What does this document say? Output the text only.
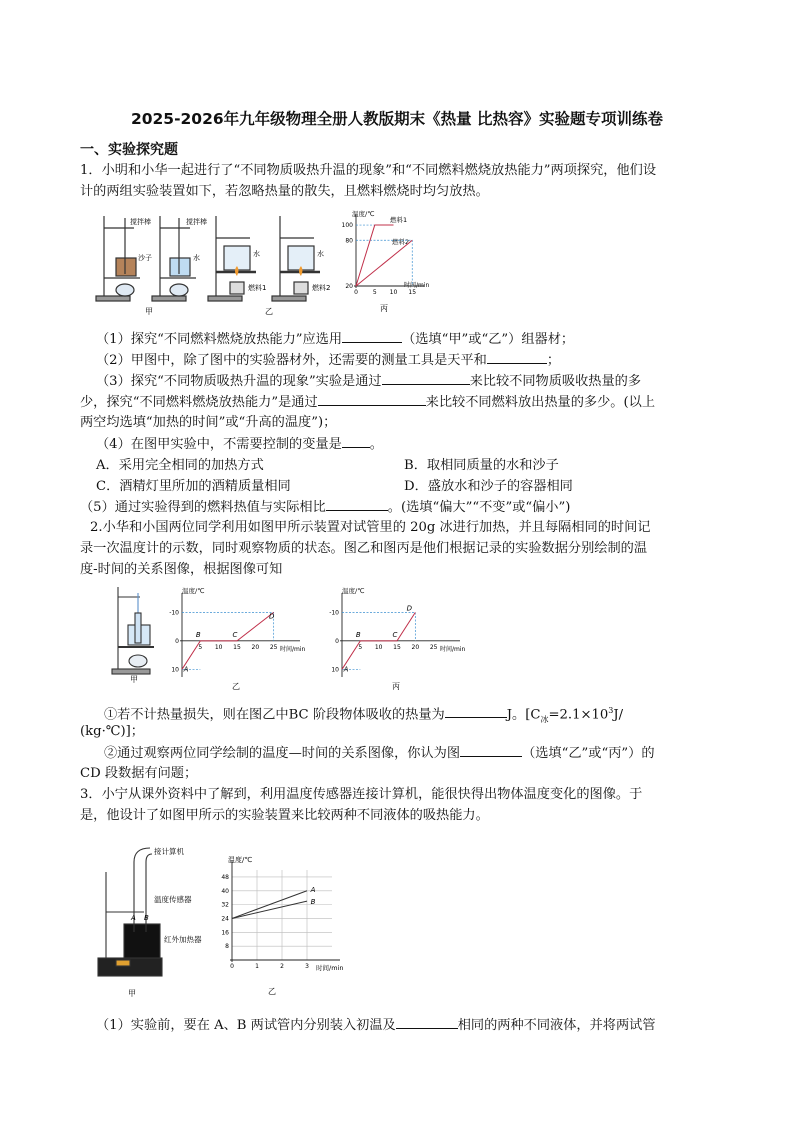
2025-2026年九年级物理全册人教版期末《热量 比热容》实验题专项训练卷
一、实验探究题
1．小明和小华一起进行了“不同物质吸热升温的现象”和“不同燃料燃烧放热能力”两项探究，他们设
计的两组实验装置如下，若忽略热量的散失，且燃料燃烧时均匀放热。
搅拌棒
沙子
搅拌棒
水	水
燃料1
水
燃料2
甲	乙
温度/℃
时间/min
丙
燃料1
燃料2
0 5 10 15
20
80
100
（1）探究“不同燃料燃烧放热能力”应选用	（选填“甲”或“乙”）组器材；
（2）甲图中，除了图中的实验器材外，还需要的测量工具是天平和	；
（3）探究“不同物质吸热升温的现象”实验是通过	来比较不同物质吸收热量的多
少，探究“不同燃料燃烧放热能力”是通过	来比较不同燃料放出热量的多少。(以上
两空均选填“加热的时间”或“升高的温度”)；
（4）在图甲实验中，不需要控制的变量是 。
A．采用完全相同的加热方式	B．取相同质量的水和沙子
C．酒精灯里所加的酒精质量相同	D．盛放水和沙子的容器相同
（5）通过实验得到的燃料热值与实际相比	。(选填“偏大”“不变”或“偏小”)
2.小华和小国两位同学利用如图甲所示装置对试管里的 20g 冰进行加热，并且每隔相同的时间记
录一次温度计的示数，同时观察物质的状态。图乙和图丙是他们根据记录的实验数据分别绘制的温
度-时间的关系图像，根据图像可知
甲
温度/℃
时间/min
乙
5 10 15 20 25
10
0
-10
A
B	C
D
温度/℃
时间/min
丙
5 10 15 20 25
10
0
-10
A
B	C
D
①若不计热量损失，则在图乙中BC 阶段物体吸收的热量为	J。[$C_冰=2.1\times 10^3J/$
(kg·℃)]；
②通过观察两位同学绘制的温度—时间的关系图像，你认为图	（选填“乙”或“丙”）的
CD 段数据有问题；
3．小宁从课外资料中了解到，利用温度传感器连接计算机，能很快得出物体温度变化的图像。于
是，他设计了如图甲所示的实验装置来比较两种不同液体的吸热能力。
接计算机
温度传感器
红外加热器
A B
甲
温度/℃
时间/min
乙
0	1	2	3
8
16
24
32
40
48
A
B
（1）实验前，要在 A、B 两试管内分别装入初温及	相同的两种不同液体，并将两试管
